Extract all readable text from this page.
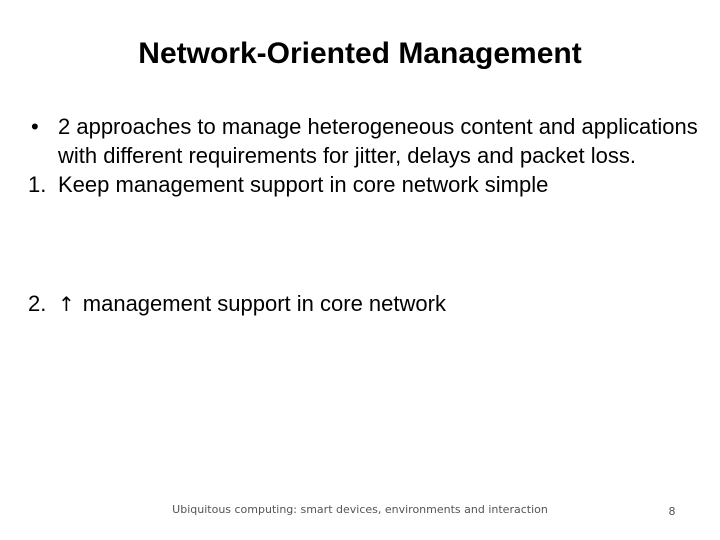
Network-Oriented Management
• 2 approaches to manage heterogeneous content and applications with different requirements for jitter, delays and packet loss.
1. Keep management support in core network simple
2. ↑ management support in core network
Ubiquitous computing: smart devices, environments and interaction	8
